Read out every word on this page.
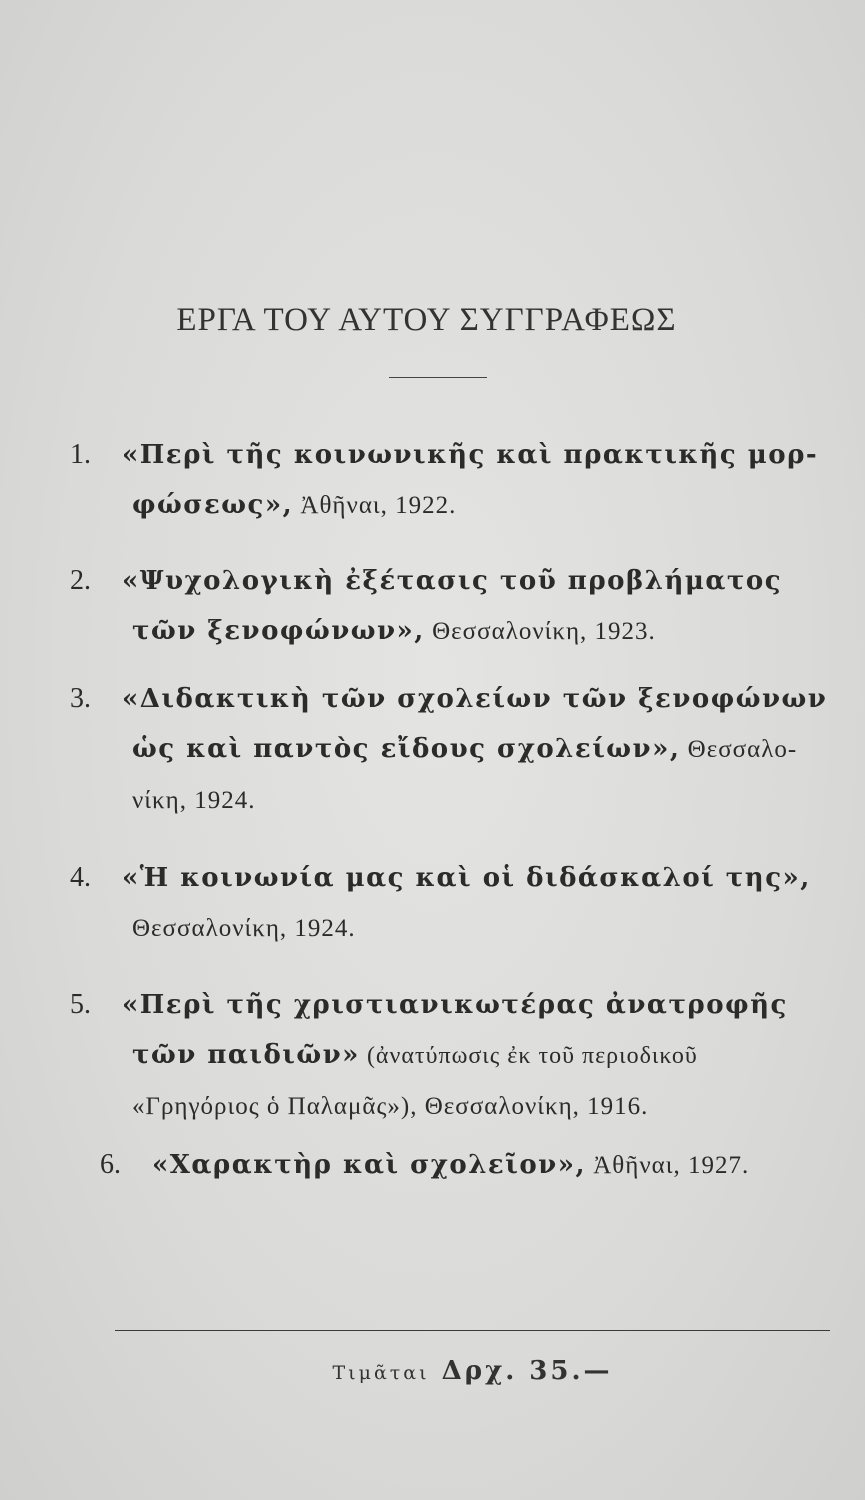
ΕΡΓΑ ΤΟΥ ΑΥΤΟΥ ΣΥΓΓΡΑΦΕΩΣ
1. «Περὶ τῆς κοινωνικῆς καὶ πρακτικῆς μορ-
φώσεως», Ἀθῆναι, 1922.
2. «Ψυχολογικὴ ἐξέτασις τοῦ προβλήματος
τῶν ξενοφώνων», Θεσσαλονίκη, 1923.
3. «Διδακτικὴ τῶν σχολείων τῶν ξενοφώνων
ὡς καὶ παντὸς εἴδους σχολείων», Θεσσαλο-
νίκη, 1924.
4. «Ἡ κοινωνία μας καὶ οἱ διδάσκαλοί της»,
Θεσσαλονίκη, 1924.
5. «Περὶ τῆς χριστιανικωτέρας ἀνατροφῆς
τῶν παιδιῶν» (ἀνατύπωσις ἐκ τοῦ περιοδικοῦ
«Γρηγόριος ὁ Παλαμᾶς»), Θεσσαλονίκη, 1916.
6. «Χαρακτὴρ καὶ σχολεῖον», Ἀθῆναι, 1927.
Τιμᾶται Δρχ. 35.—
